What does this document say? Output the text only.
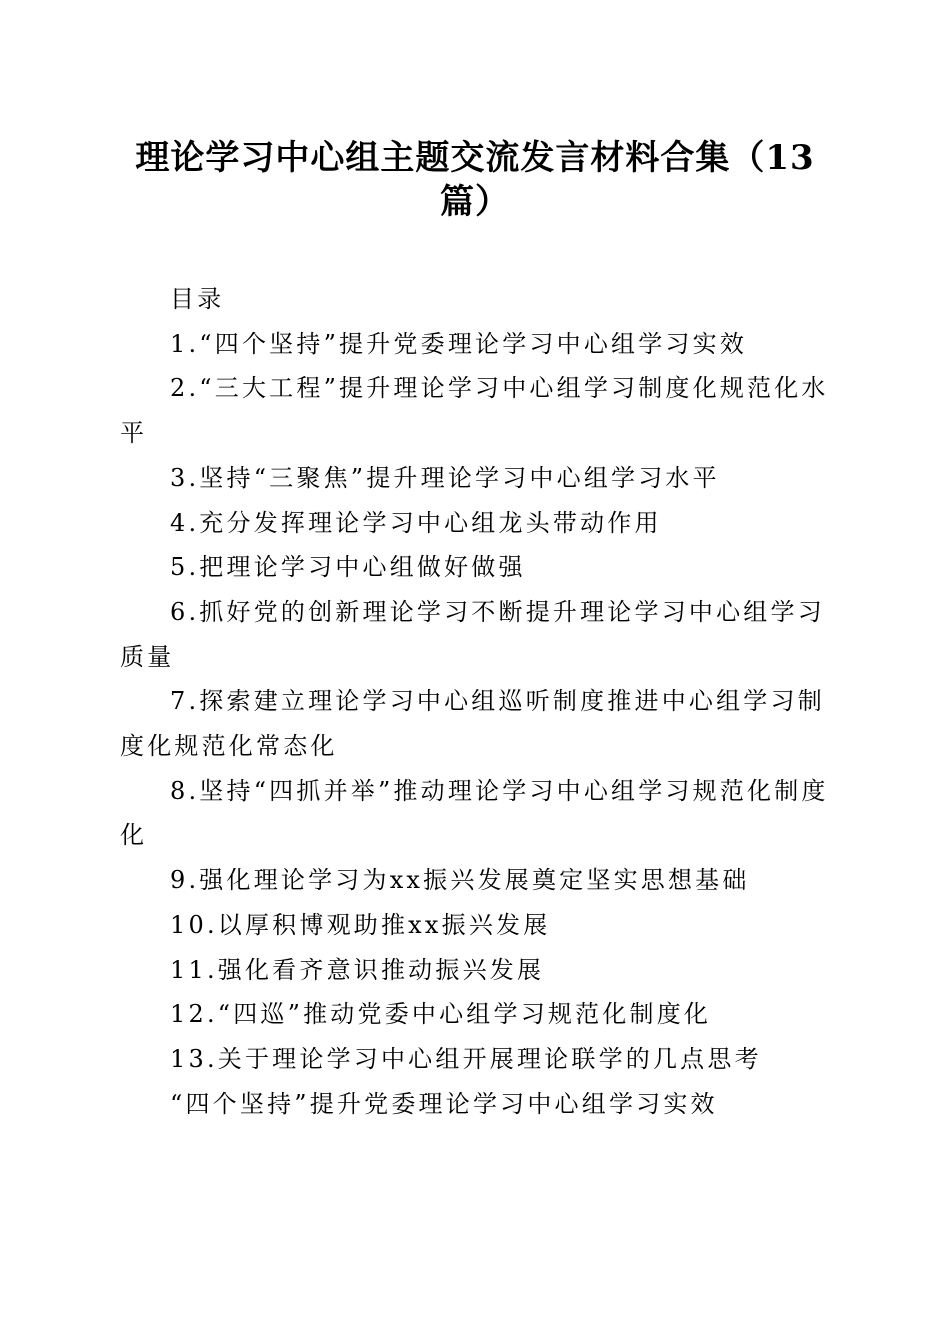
理论学习中心组主题交流发言材料合集（13篇）

目录

1.“四个坚持”提升党委理论学习中心组学习实效
2.“三大工程”提升理论学习中心组学习制度化规范化水平
3.坚持“三聚焦”提升理论学习中心组学习水平
4.充分发挥理论学习中心组龙头带动作用
5.把理论学习中心组做好做强
6.抓好党的创新理论学习不断提升理论学习中心组学习质量
7.探索建立理论学习中心组巡听制度推进中心组学习制度化规范化常态化
8.坚持“四抓并举”推动理论学习中心组学习规范化制度化
9.强化理论学习为xx振兴发展奠定坚实思想基础
10.以厚积博观助推xx振兴发展
11.强化看齐意识推动振兴发展
12.“四巡”推动党委中心组学习规范化制度化
13.关于理论学习中心组开展理论联学的几点思考

“四个坚持”提升党委理论学习中心组学习实效
